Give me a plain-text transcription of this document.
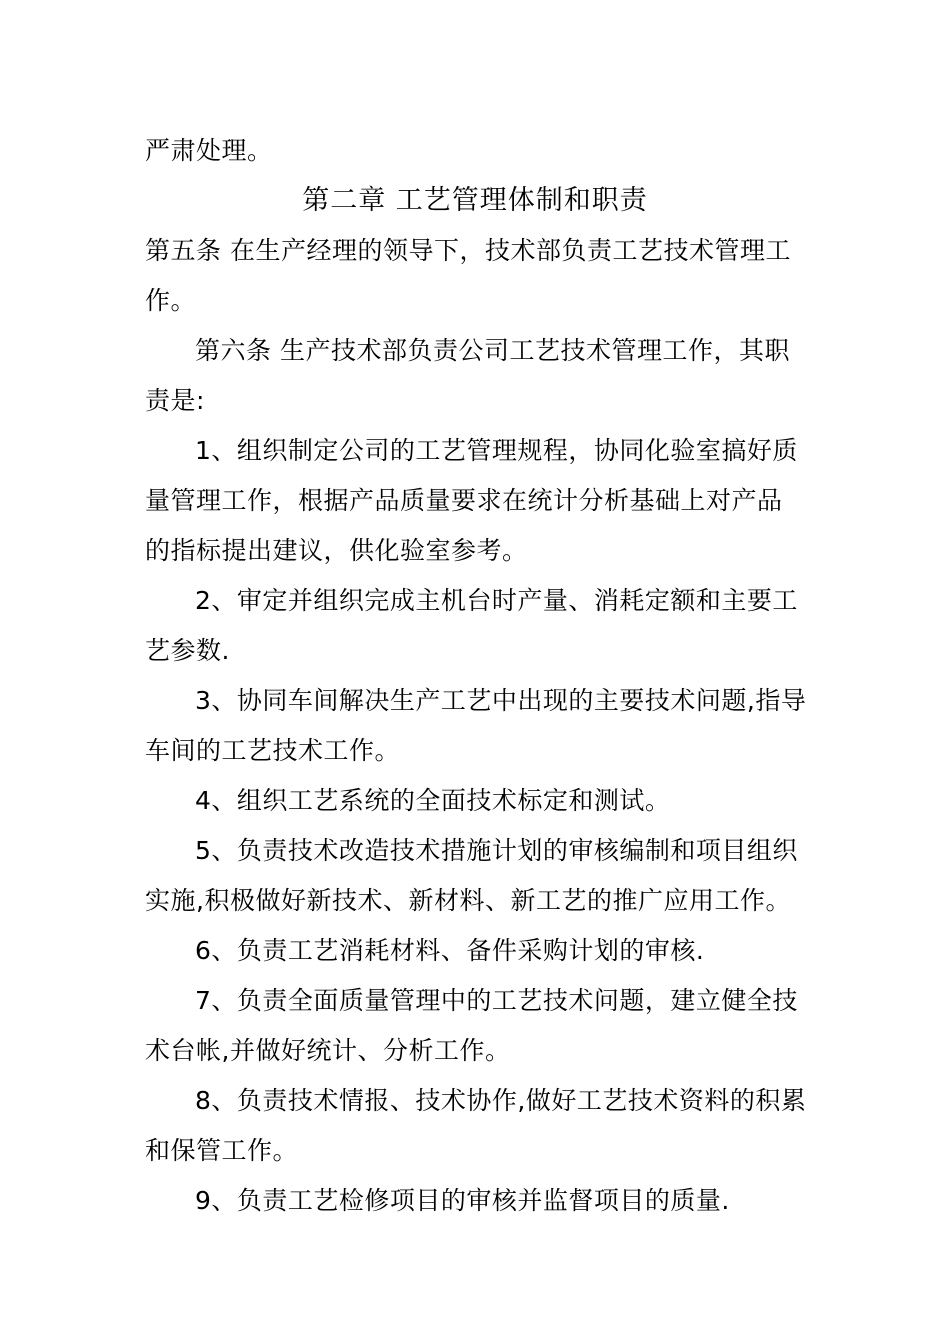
严肃处理。
第二章 工艺管理体制和职责
第五条 在生产经理的领导下，技术部负责工艺技术管理工
作。
第六条 生产技术部负责公司工艺技术管理工作，其职
责是:
1、组织制定公司的工艺管理规程，协同化验室搞好质
量管理工作，根据产品质量要求在统计分析基础上对产品
的指标提出建议，供化验室参考。
2、审定并组织完成主机台时产量、消耗定额和主要工
艺参数.
3、协同车间解决生产工艺中出现的主要技术问题,指导
车间的工艺技术工作。
4、组织工艺系统的全面技术标定和测试。
5、负责技术改造技术措施计划的审核编制和项目组织
实施,积极做好新技术、新材料、新工艺的推广应用工作。
6、负责工艺消耗材料、备件采购计划的审核.
7、负责全面质量管理中的工艺技术问题，建立健全技
术台帐,并做好统计、分析工作。
8、负责技术情报、技术协作,做好工艺技术资料的积累
和保管工作。
9、负责工艺检修项目的审核并监督项目的质量.
